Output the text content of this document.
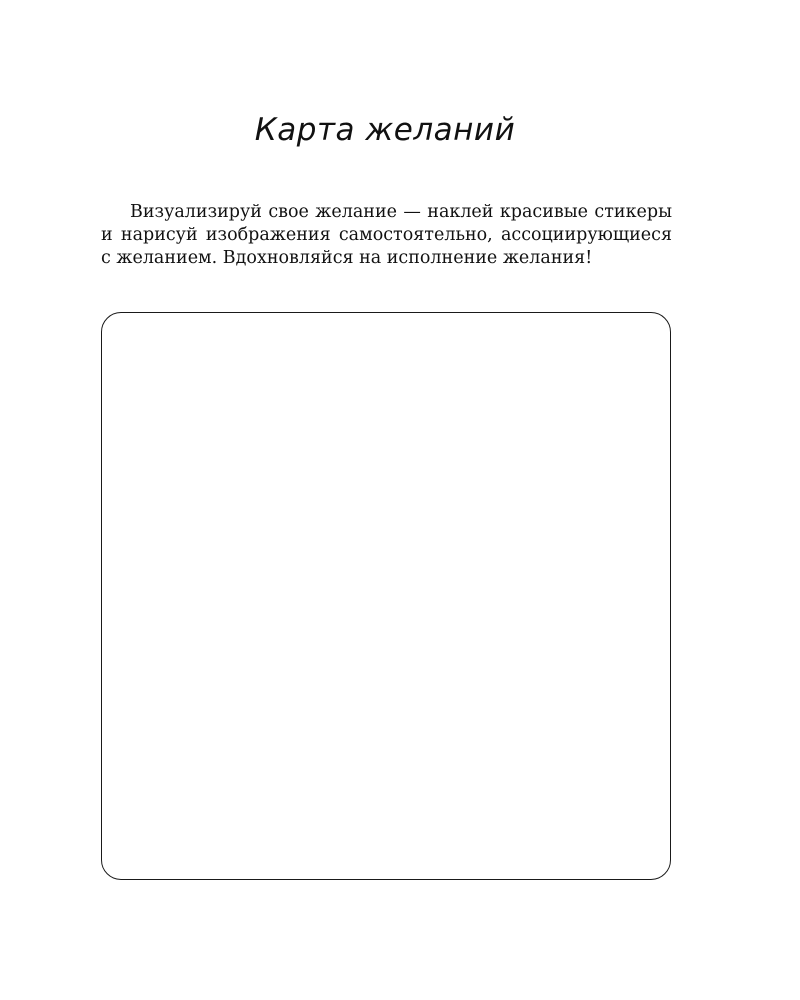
Карта желаний

Визуализируй свое желание — наклей красивые стикеры и нарисуй изображения самостоятельно, ассоциирующиеся с желанием. Вдохновляйся на исполнение желания!
